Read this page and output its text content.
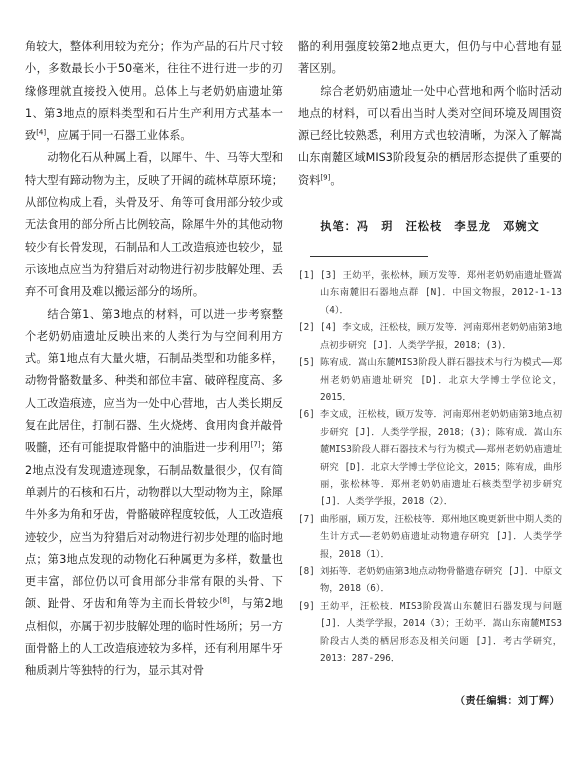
角较大，整体利用较为充分；作为产品的石片尺寸较小，多数最长小于50毫米，往往不进行进一步的刃缘修理就直接投入使用。总体上与老奶奶庙遗址第1、第3地点的原料类型和石片生产利用方式基本一致[4]，应属于同一石器工业体系。

动物化石从种属上看，以犀牛、牛、马等大型和特大型有蹄动物为主，反映了开阔的疏林草原环境；从部位构成上看，头骨及牙、角等可食用部分较少或无法食用的部分所占比例较高，除犀牛外的其他动物较少有长骨发现，石制品和人工改造痕迹也较少，显示该地点应当为狩猎后对动物进行初步肢解处理、丢弃不可食用及难以搬运部分的场所。

结合第1、第3地点的材料，可以进一步考察整个老奶奶庙遗址反映出来的人类行为与空间利用方式。第1地点有大量火塘，石制品类型和功能多样，动物骨骼数量多、种类和部位丰富、破碎程度高、多人工改造痕迹，应当为一处中心营地，古人类长期反复在此居住，打制石器、生火烧烤、食用肉食并敲骨吸髓，还有可能提取骨骼中的油脂进一步利用[7]；第2地点没有发现遗迹现象，石制品数量很少，仅有简单剥片的石核和石片，动物群以大型动物为主，除犀牛外多为角和牙齿，骨骼破碎程度较低，人工改造痕迹较少，应当为狩猎后对动物进行初步处理的临时地点；第3地点发现的动物化石种属更为多样，数量也更丰富，部位仍以可食用部分非常有限的头骨、下颌、趾骨、牙齿和角等为主而长骨较少[8]，与第2地点相似，亦属于初步肢解处理的临时性场所；另一方面骨骼上的人工改造痕迹较为多样，还有利用犀牛牙釉质剥片等独特的行为，显示其对骨

骼的利用强度较第2地点更大，但仍与中心营地有显著区别。

综合老奶奶庙遗址一处中心营地和两个临时活动地点的材料，可以看出当时人类对空间环境及周围资源已经比较熟悉，利用方式也较清晰，为深入了解嵩山东南麓区域MIS3阶段复杂的栖居形态提供了重要的资料[9]。

执笔：冯　玥　汪松枝　李昱龙　邓婉文
[1] [3] 王幼平，张松林，顾万发等．郑州老奶奶庙遗址暨嵩山东南麓旧石器地点群 [N]．中国文物报，2012-1-13（4）．
[2] [4] 李文成，汪松枝，顾万发等．河南郑州老奶奶庙第3地点初步研究 [J]．人类学学报，2018；(3)．
[5] 陈宥成．嵩山东麓MIS3阶段人群石器技术与行为模式——郑州老奶奶庙遗址研究 [D]．北京大学博士学位论文，2015．
[6] 李文成，汪松枝，顾万发等．河南郑州老奶奶庙第3地点初步研究 [J]．人类学学报，2018；(3)；陈宥成．嵩山东麓MIS3阶段人群石器技术与行为模式——郑州老奶奶庙遗址研究 [D]．北京大学博士学位论文，2015；陈宥成，曲彤丽，张松林等．郑州老奶奶庙遗址石核类型学初步研究 [J]．人类学学报，2018（2）．
[7] 曲彤丽，顾万发，汪松枝等．郑州地区晚更新世中期人类的生计方式——老奶奶庙遗址动物遗存研究 [J]．人类学学报，2018（1）．
[8] 刘拓等．老奶奶庙第3地点动物骨骼遗存研究 [J]．中原文物，2018（6）．
[9] 王幼平，汪松枝．MIS3阶段嵩山东麓旧石器发现与问题 [J]．人类学学报，2014（3）；王幼平．嵩山东南麓MIS3阶段古人类的栖居形态及相关问题 [J]．考古学研究，2013：287-296．
（责任编辑：刘丁辉）
